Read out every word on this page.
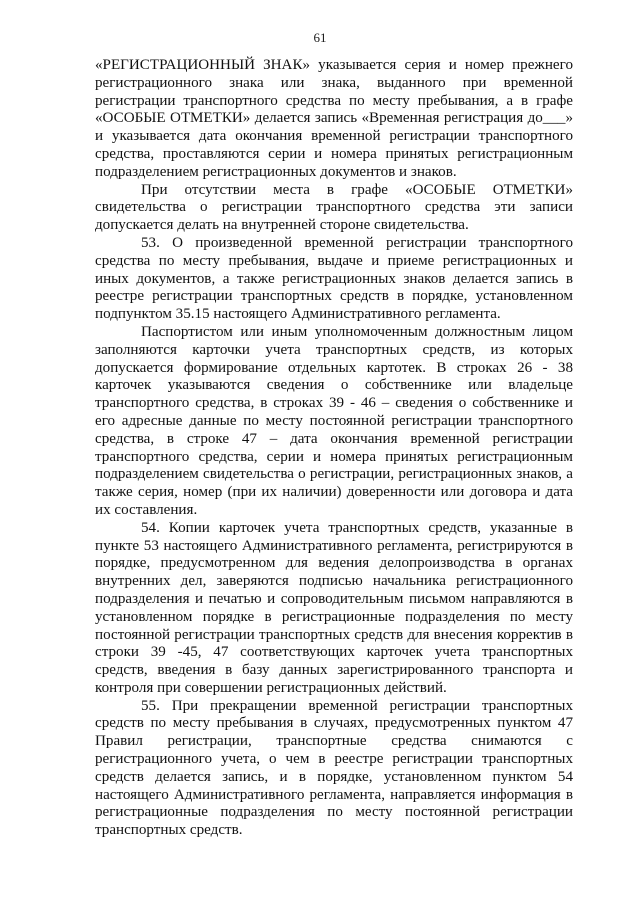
61

«РЕГИСТРАЦИОННЫЙ ЗНАК» указывается серия и номер прежнего регистрационного знака или знака, выданного при временной регистрации транспортного средства по месту пребывания, а в графе «ОСОБЫЕ ОТМЕТКИ» делается запись «Временная регистрация до___» и указывается дата окончания временной регистрации транспортного средства, проставляются серии и номера принятых регистрационным подразделением регистрационных документов и знаков.

При отсутствии места в графе «ОСОБЫЕ ОТМЕТКИ» свидетельства о регистрации транспортного средства эти записи допускается делать на внутренней стороне свидетельства.

53. О произведенной временной регистрации транспортного средства по месту пребывания, выдаче и приеме регистрационных и иных документов, а также регистрационных знаков делается запись в реестре регистрации транспортных средств в порядке, установленном подпунктом 35.15 настоящего Административного регламента.

Паспортистом или иным уполномоченным должностным лицом заполняются карточки учета транспортных средств, из которых допускается формирование отдельных картотек. В строках 26 - 38 карточек указываются сведения о собственнике или владельце транспортного средства, в строках 39 - 46 – сведения о собственнике и его адресные данные по месту постоянной регистрации транспортного средства, в строке 47 – дата окончания временной регистрации транспортного средства, серии и номера принятых регистрационным подразделением свидетельства о регистрации, регистрационных знаков, а также серия, номер (при их наличии) доверенности или договора и дата их составления.

54. Копии карточек учета транспортных средств, указанные в пункте 53 настоящего Административного регламента, регистрируются в порядке, предусмотренном для ведения делопроизводства в органах внутренних дел, заверяются подписью начальника регистрационного подразделения и печатью и сопроводительным письмом направляются в установленном порядке в регистрационные подразделения по месту постоянной регистрации транспортных средств для внесения корректив в строки 39 -45, 47 соответствующих карточек учета транспортных средств, введения в базу данных зарегистрированного транспорта и контроля при совершении регистрационных действий.

55. При прекращении временной регистрации транспортных средств по месту пребывания в случаях, предусмотренных пунктом 47 Правил регистрации, транспортные средства снимаются с регистрационного учета, о чем в реестре регистрации транспортных средств делается запись, и в порядке, установленном пунктом 54 настоящего Административного регламента, направляется информация в регистрационные подразделения по месту постоянной регистрации транспортных средств.
